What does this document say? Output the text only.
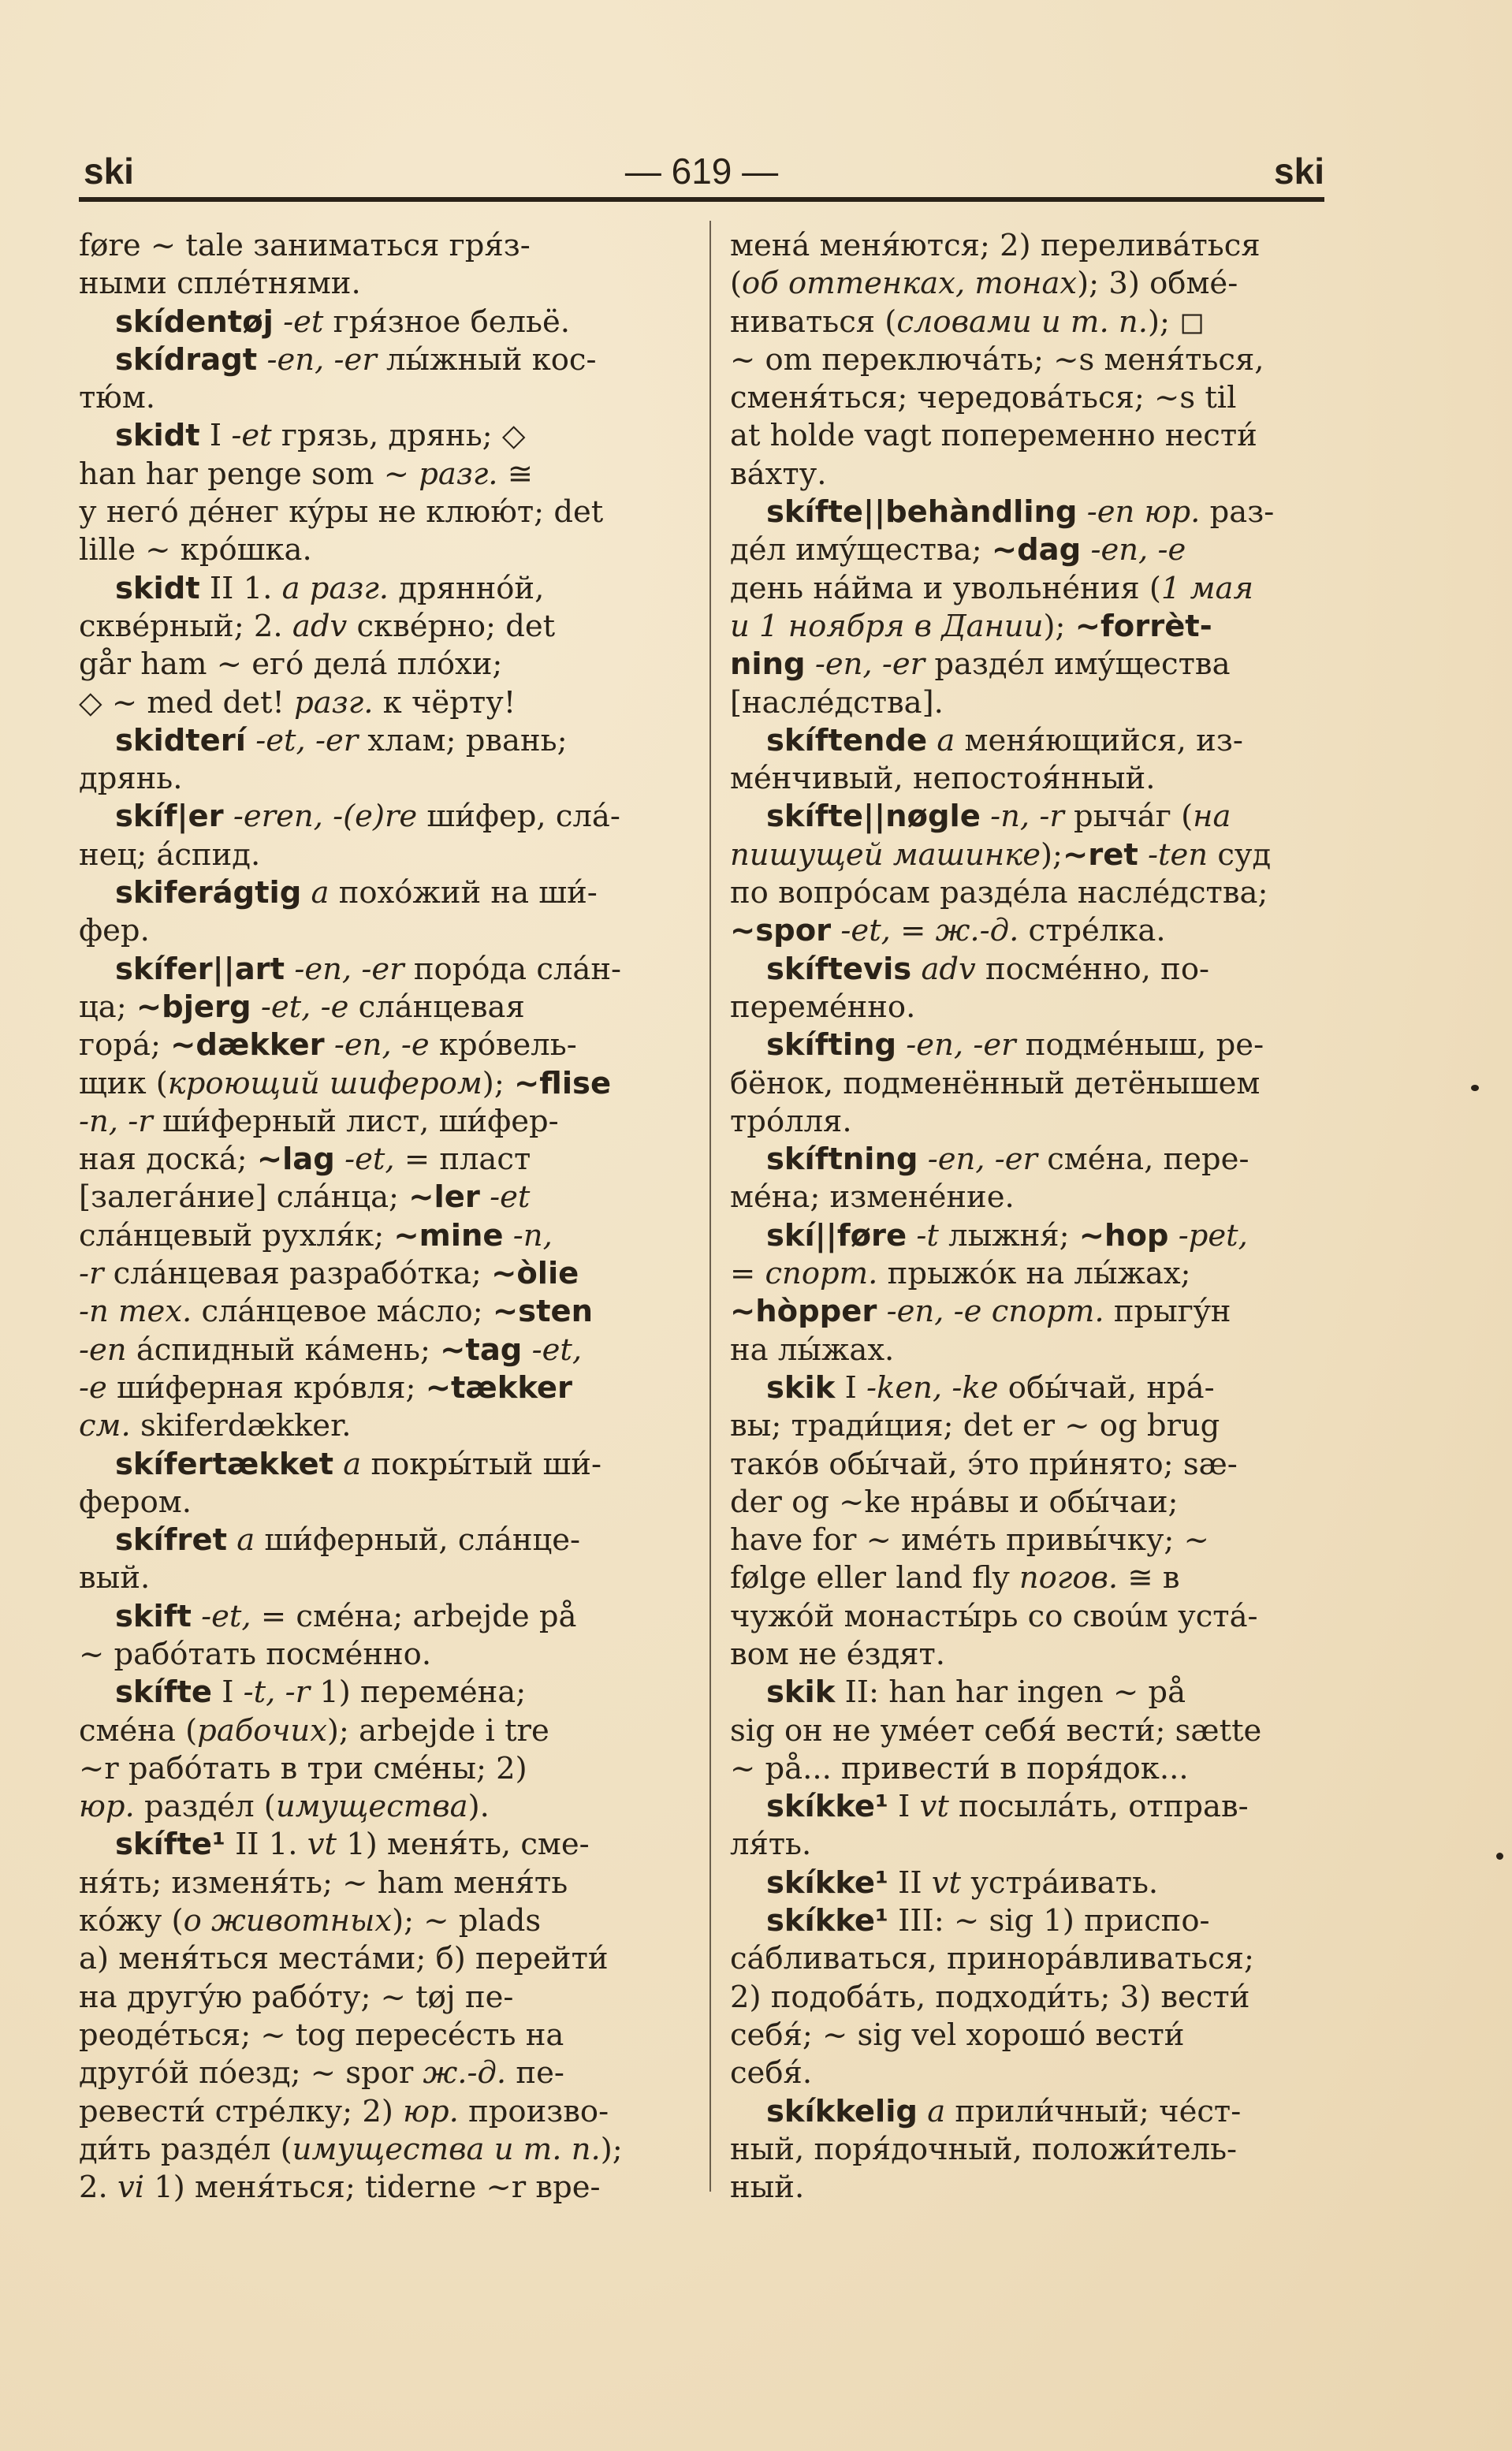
ski	— 619 —	ski
føre ~ tale заниматься гря́з-
ными сплéтнями.
skídentøj -et гря́зное бельё.
skídragt -en, -er лы́жный кос-
тю́м.
skidt I -et грязь, дрянь; ◇
han har penge som ~ разг. ≅
у негó дéнег кýры не клюю́т; det
lille ~ крóшка.
skidt II 1. a разг. дряннóй,
сквéрный; 2. adv сквéрно; det
går ham ~ егó делá плóхи;
◇ ~ med det! разг. к чёрту!
skidterí -et, -er хлам; рвань;
дрянь.
skíf|er -eren, -(e)re ши́фер, слá-
нец; áспид.
skiferágtig a похóжий на ши́-
фер.
skífer||art -en, -er порóда слáн-
ца; ~bjerg -et, -e слáнцевая
горá; ~dækker -en, -e крóвель-
щик (кроющий шифером); ~flise
-n, -r ши́ферный лист, ши́фер-
ная доскá; ~lag -et, = пласт
[залегáние] слáнца; ~ler -et
слáнцевый рухля́к; ~mine -n,
-r слáнцевая разрабóтка; ~òlie
-n тех. слáнцевое мáсло; ~sten
-en áспидный кáмень; ~tag -et,
-e ши́ферная крóвля; ~tækker
см. skiferdækker.
skífertækket a покры́тый ши́-
фером.
skífret a ши́ферный, слáнце-
вый.
skift -et, = смéна; arbejde på
~ рабóтать посмéнно.
skífte I -t, -r 1) перемéна;
смéна (рабочих); arbejde i tre
~r рабóтать в три смéны; 2)
юр. раздéл (имущества).
skífte¹ II 1. vt 1) меня́ть, сме-
ня́ть; изменя́ть; ~ ham меня́ть
кóжу (о животных); ~ plads
а) меня́ться местáми; б) перейти́
на другýю рабóту; ~ tøj пе-
реодéться; ~ tog пересéсть на
другóй пóезд; ~ spor ж.-д. пе-
ревести́ стрéлку; 2) юр. произво-
ди́ть раздéл (имущества и т. п.);
2. vi 1) меня́ться; tiderne ~r вре-
менá меня́ются; 2) перелива́ться
(об оттенках, тонах); 3) обмé-
ниваться (словами и т. п.); ◻
~ om переключáть; ~s меня́ться,
сменя́ться; чередовáться; ~s til
at holde vagt попеременно нести́
вáхту.
skífte||behàndling -en юр. раз-
дéл имýщества; ~dag -en, -e
день нáйма и увольнéния (1 мая
и 1 ноября в Дании); ~forrèt-
ning -en, -er раздéл имýщества
[наслéдства].
skíftende a меня́ющийся, из-
мéнчивый, непостоя́нный.
skífte||nøgle -n, -r рычáг (на
пишущей машинке);~ret -ten суд
по вопрóсам раздéла наслéдства;
~spor -et, = ж.-д. стрéлка.
skíftevis adv посмéнно, по-
перемéнно.
skífting -en, -er подмéныш, ре-
бёнок, подменённый детёнышем
трóлля.
skíftning -en, -er смéна, пере-
мéна; изменéние.
skí||føre -t лыжня́; ~hop -pet,
= спорт. прыжóк на лы́жах;
~hòpper -en, -e спорт. прыгýн
на лы́жах.
skik I -ken, -ke обы́чай, нрá-
вы; тради́ция; det er ~ og brug
такóв обы́чай, э́то при́нято; sæ-
der og ~ke нрáвы и обы́чаи;
have for ~ имéть привы́чку; ~
følge eller land fly погов. ≅ в
чужóй монасты́рь со своúм устá-
вом не éздят.
skik II: han har ingen ~ på
sig он не умéет себя́ вести́; sætte
~ på... привести́ в поря́док...
skíkke¹ I vt посылáть, отправ-
ля́ть.
skíkke¹ II vt устрáивать.
skíkke¹ III: ~ sig 1) приспо-
сáбливаться, принорáвливаться;
2) подобáть, подходи́ть; 3) вести́
себя́; ~ sig vel хорошó вести́
себя́.
skíkkelig a прили́чный; чéст-
ный, поря́дочный, положи́тель-
ный.
